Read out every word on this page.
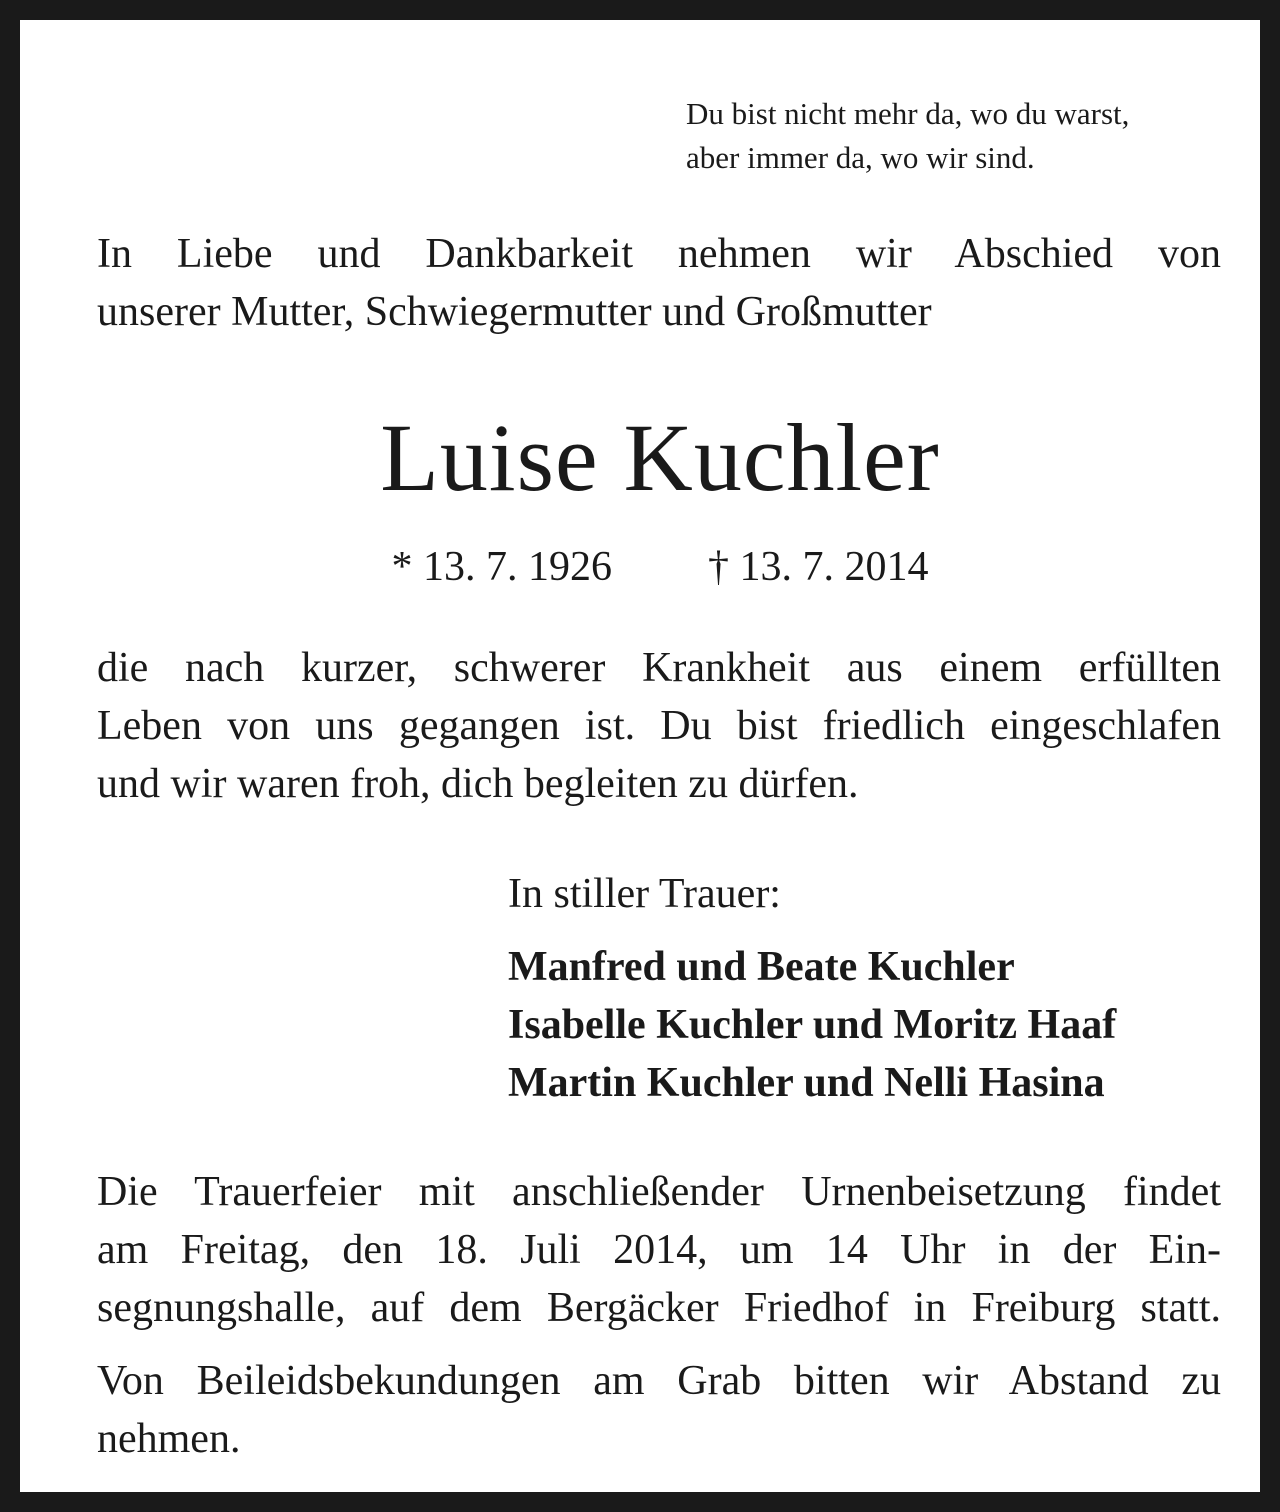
Du bist nicht mehr da, wo du warst,
aber immer da, wo wir sind.
In Liebe und Dankbarkeit nehmen wir Abschied von
unserer Mutter, Schwiegermutter und Großmutter
Luise Kuchler
* 13. 7. 1926 † 13. 7. 2014
die nach kurzer, schwerer Krankheit aus einem erfüllten
Leben von uns gegangen ist. Du bist friedlich eingeschlafen
und wir waren froh, dich begleiten zu dürfen.
In stiller Trauer:
Manfred und Beate Kuchler
Isabelle Kuchler und Moritz Haaf
Martin Kuchler und Nelli Hasina
Die Trauerfeier mit anschließender Urnenbeisetzung findet
am Freitag, den 18. Juli 2014, um 14 Uhr in der Ein-
segnungshalle, auf dem Bergäcker Friedhof in Freiburg statt.
Von Beileidsbekundungen am Grab bitten wir Abstand zu
nehmen.
